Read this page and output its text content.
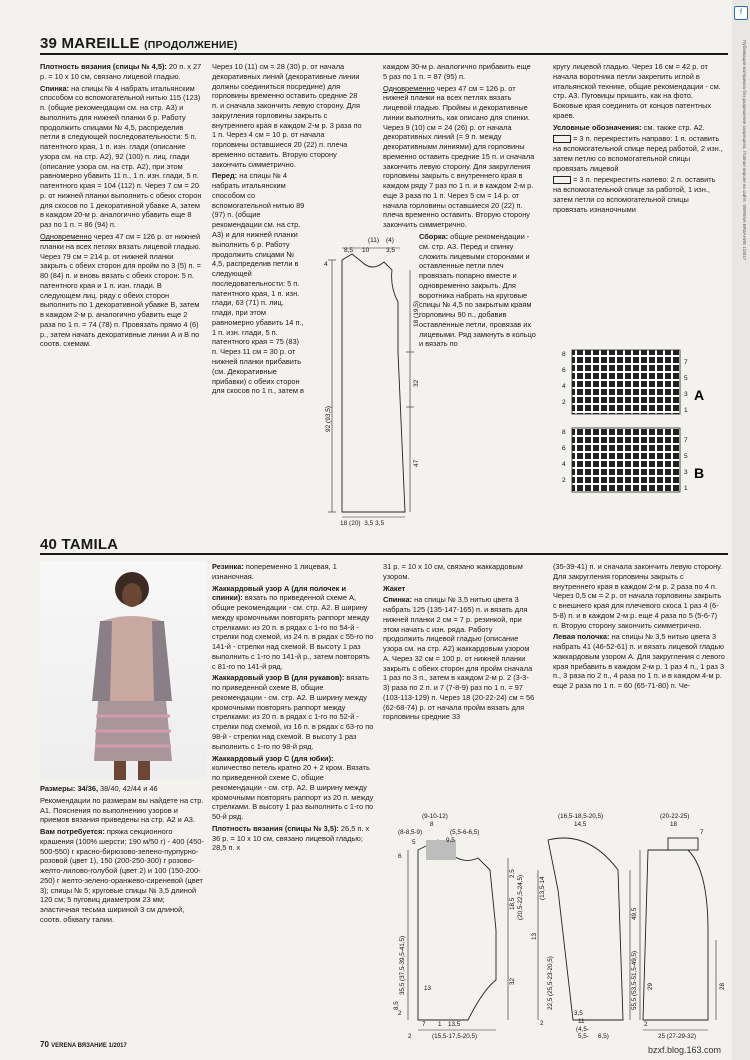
f
Публикация материала без разрешения запрещена. Полная версия на сайте. VERENA ВЯЗАНИЕ 1/2017
39 MAREILLE (ПРОДОЛЖЕНИЕ)

Плотность вязания (спицы № 4,5): 20 п. х 27 р. = 10 х 10 см, связано лицевой гладью.

Спинка: на спицы № 4 набрать итальянским способом со вспомогательной нитью 115 (123) п. (общие рекомендации см. на стр. А3) и выполнить для нижней планки 6 р. Работу продолжить спицами № 4,5, распределив петли в следующей последовательности: 5 п. патентного края, 1 п. изн. глади (описание узора см. на стр. А2), 92 (100) п. лиц. глади (описание узора см. на стр. А2), при этом равномерно убавить 11 п., 1 п. изн. глади, 5 п. патентного края = 104 (112) п. Через 7 см = 20 р. от нижней планки выполнить с обеих сторон для скосов по 1 декоративной убавке А, затем в каждом 20-м р. аналогично убавить еще 8 раз по 1 п. = 86 (94) п.

Одновременно через 47 см = 126 р. от нижней планки на всех петлях вязать лицевой гладью. Через 79 см = 214 р. от нижней планки закрыть с обеих сторон для пройм по 3 (5) п. = 80 (84) п. и вновь вязать с обеих сторон: 5 п. патентного края и 1 п. изн. глади. В следующем лиц. ряду с обеих сторон выполнить по 1 декоративной убавке В, затем в каждом 2-м р. аналогично убавить еще 2 раза по 1 п. = 74 (78) п. Провязать прямо 4 (6) р., затем начать декоративные линии А и В по соотв. схемам.

Через 10 (11) см = 28 (30) р. от начала декоративных линий (декоративные линии должны соединиться посредине) для горловины временно оставить средние 28 п. и сначала закончить левую сторону. Для закругления горловины закрыть с внутреннего края в каждом 2-м р. 3 раза по 1 п. Через 4 см = 10 р. от начала горловины оставшиеся 20 (22) п. плеча временно оставить. Вторую сторону закончить симметрично.

Перед: на спицы № 4 набрать итальянским способом со вспомогательной нитью 89 (97) п. (общие рекомендации см. на стр. А3) и для нижней планки выполнить 6 р. Работу продолжить спицами № 4,5, распределив петли в следующей последовательности: 5 п. патентного края, 1 п. изн. глади, 63 (71) п. лиц. глади, при этом равномерно убавить 14 п., 1 п. изн. глади, 5 п. патентного края = 75 (83) п. Через 11 см = 30 р. от нижней планки прибавить (см. Декоративные прибавки) с обеих сторон для скосов по 1 п., затем в

(11) (4)
8,5 10	3,5
4
92 (93,5)
18 (19,5)
32
47
18 (20) 3,5 3,5

каждом 30-м р. аналогично прибавить еще 5 раз по 1 п. = 87 (95) п.

Одновременно через 47 см = 126 р. от нижней планки на всех петлях вязать лицевой гладью. Проймы и декоративные линии выполнить, как описано для спинки. Через 9 (10) см = 24 (26) р. от начала декоративных линий (= 9 п. между декоративными линиями) для горловины временно оставить средние 15 п. и сначала закончить левую сторону. Для закругления горловины закрыть с внутреннего края в каждом ряду 7 раз по 1 п. и в каждом 2-м р. еще 3 раза по 1 п. Через 5 см = 14 р. от начала горловины оставшиеся 20 (22) п. плеча временно оставить. Вторую сторону закончить симметрично.

Сборка: общие рекомендации - см. стр. А3. Перед и спинку сложить лицевыми сторонами и оставленные петли плеч провязать попарно вместе и одновременно закрыть. Для воротника набрать на круговые спицы № 4,5 по закрытым краям горловины 90 п., добавив оставленные петли, провязав их лицевыми. Ряд замкнуть в кольцо и вязать по

кругу лицевой гладью. Через 16 см = 42 р. от начала воротника петли закрепить иглой в итальянской технике, общие рекомендации - см. стр. А3. Пуговицы пришить, как на фото. Боковые края соединить от концов патентных краев.

Условные обозначения: см. также стр. А2.

= 3 п. перекрестить направо: 1 п. оставить на вспомогательной спице перед работой, 2 изн., затем петлю со вспомогательной спицы провязать лицевой

= 3 п. перекрестить налево: 2 п. оставить на вспомогательной спице за работой, 1 изн., затем петли со вспомогательной спицы провязать изнаночными

8
6
4
2
7
5
3
1
8
6
4
2
7
5
3
1
A
B
40 TAMILA

Размеры: 34/36, 38/40, 42/44 и 46

Рекомендации по размерам вы найдете на стр. А1. Пояснения по выполнению узоров и приемов вязания приведены на стр. А2 и А3.

Вам потребуется: пряжа секционного крашения (100% шерсти; 190 м/50 г) - 400 (450-500-550) г красно-бирюзово-зелено-пурпурно-розовой (цвет 1), 150 (200-250-300) г розово-желто-лилово-голубой (цвет 2) и 100 (150-200-250) г желто-зелено-оранжево-сиреневой (цвет 3); спицы № 5; круговые спицы № 3,5 длиной 120 см; 5 пуговиц диаметром 23 мм; эластичная тесьма шириной 3 см длиной, соотв. обхвату талии.

Резинка: попеременно 1 лицевая, 1 изнаночная.

Жаккардовый узор А (для полочек и спинки): вязать по приведенной схеме А, общие рекомендации - см. стр. А2. В ширину между кромочными повторять раппорт между стрелками: из 20 п. в рядах с 1-го по 54-й - стрелки под схемой, из 24 п. в рядах с 55-го по 141-й - стрелки над схемой. В высоту 1 раз выполнить с 1-го по 141-й р., затем повторять с 81-го по 141-й ряд.

Жаккардовый узор В (для рукавов): вязать по приведенной схеме В, общие рекомендации - см. стр. А2. В ширину между кромочными повторять раппорт между стрелками: из 20 п. в рядах с 1-го по 52-й - стрелки под схемой, из 16 п. в рядах с 63-го по 98-й - стрелки над схемой. В высоту 1 раз выполнить с 1-го по 98-й ряд.

Жаккардовый узор С (для юбки): количество петель кратно 20 + 2 кром. Вязать по приведенной схеме С, общие рекомендации - см. стр. А2. В ширину между кромочными повторять раппорт из 20 п. между стрелками. В высоту 1 раз выполнить с 1-го по 50-й ряд.

Плотность вязания (спицы № 3,5): 26,5 п. х 36 р. = 10 х 10 см, связано лицевой гладью; 28,5 п. х

31 р. = 10 х 10 см, связано жаккардовым узором.

Жакет

Спинка: на спицы № 3,5 нитью цвета 3 набрать 125 (135-147-165) п. и вязать для нижней планки 2 см = 7 р. резинкой, при этом начать с изн. ряда. Работу продолжить лицевой гладью (описание узора см. на стр. А2) жаккардовым узором А. Через 32 см = 100 р. от нижней планки закрыть с обеих сторон для пройм сначала 1 раз по 3 п., затем в каждом 2-м р. 2 (3-3-3) раза по 2 п. и 7 (7-8-9) раз по 1 п. = 97 (103-113-129) п. Через 18 (20-22-24) см = 56 (62-68-74) р. от начала пройм вязать для горловины средние 33

(35-39-41) п. и сначала закончить левую сторону. Для закругления горловины закрыть с внутреннего края в каждом 2-м р. 2 раза по 4 п. Через 0,5 см = 2 р. от начала горловины закрыть с внешнего края для плечевого скоса 1 раз 4 (6-5-8) п. и в каждом 2-м р. еще 4 раза по 5 (5-6-7) п. Вторую сторону закончить симметрично.

Левая полочка: на спицы № 3,5 нитью цвета 3 набрать 41 (46-52-61) п. и вязать лицевой гладью жаккардовым узором А. Для закругления с левого края прибавить в каждом 2-м р. 1 раз 4 п., 1 раз 3 п., 3 раза по 2 п., 4 раза по 1 п. и в каждом 4-м р. еще 2 раза по 1 п. = 60 (65-71-80) п. Че-

(9-10-12)
8
(8-8,5-9)	(5,5-6-6,5)
9,5
5
6
35,5 (37,5-39,5-41,5)
2
8,5
13
2,5
18,5 (20,5-22,5-24,5)
32
7 1 13,5
(15,5-17,5-20,5)
2
(16,5-18,5-20,5)
14,5
13
(13,5-14
22,5 (25,5-23-20,5)
2
55,5 (53,5-51,5-49,5)
3,5
11
(4,5-
5,5- 6,5)
(20-22-25)
18
7
49,5
29	28
25 (27-29-32)
2
70 VERENA ВЯЗАНИЕ 1/2017	bzxf.blog.163.com
